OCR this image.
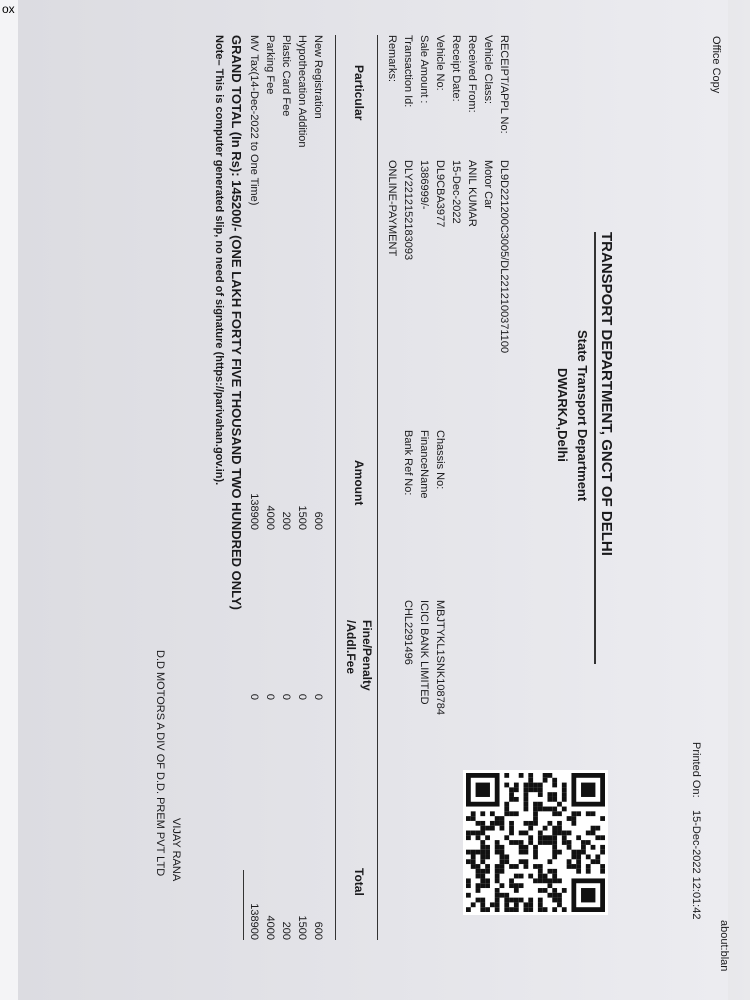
ox
Office Copy
Printed On:
15-Dec-2022 12:01:42
about:blan
TRANSPORT DEPARTMENT, GNCT OF DELHI
State Transport Department
DWARKA,Delhi
RECEIPT/APPL No:
DL9D221200C3005/DL2212100371100
Vehicle Class:
Motor Car
Received From:
ANIL KUMAR
Receipt Date:
15-Dec-2022
Vehicle No:
DL9CBA3977
Sale Amount :
1386999/-
Transaction Id:
DLY2212152183093
Remarks:
ONLINE-PAYMENT
Chassis No:
MBJTYKL1SNK108784
FinanceName
ICICI BANK LIMITED
Bank Ref No:
CHL2291496
Particular
Amount
Fine/Penalty
/Addl.Fee
Total
New Registration
600
0
600
Hypothecation Addition
1500
0
1500
Plastic Card Fee
200
0
200
Parking Fee
4000
0
4000
MV Tax(14-Dec-2022 to One Time)
138900
0
138900
GRAND TOTAL (In Rs): 145200/- (ONE LAKH FORTY FIVE THOUSAND TWO HUNDRED ONLY)
Note– This is computer generated slip, no need of signature (https://parivahan.gov.in).
VIJAY RANA
D.D MOTORS A DIV OF D.D. PREM PVT LTD
